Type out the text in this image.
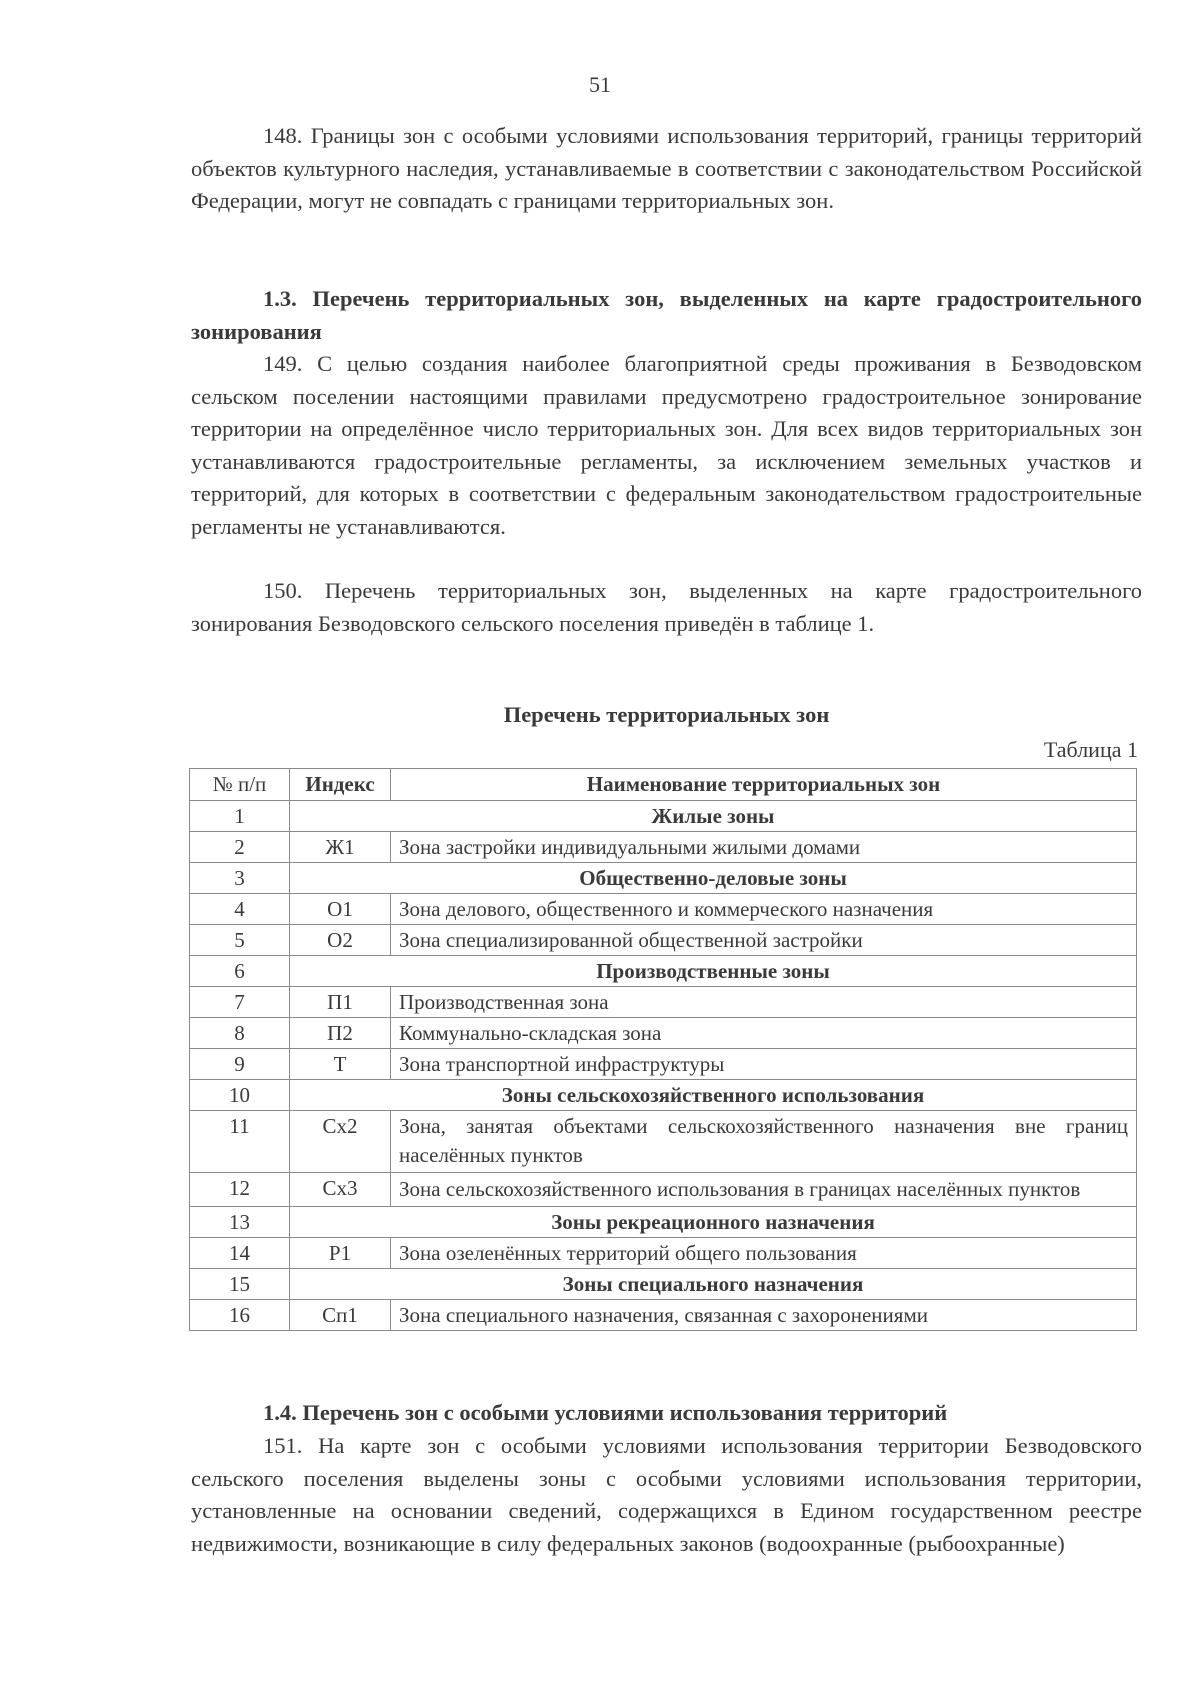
51

148. Границы зон с особыми условиями использования территорий, границы территорий объектов культурного наследия, устанавливаемые в соответствии с законодательством Российской Федерации, могут не совпадать с границами территориальных зон.

1.3. Перечень территориальных зон, выделенных на карте градостроительного зонирования

149. С целью создания наиболее благоприятной среды проживания в Безводовском сельском поселении настоящими правилами предусмотрено градостроительное зонирование территории на определённое число территориальных зон. Для всех видов территориальных зон устанавливаются градостроительные регламенты, за исключением земельных участков и территорий, для которых в соответствии с федеральным законодательством градостроительные регламенты не устанавливаются.

150. Перечень территориальных зон, выделенных на карте градостроительного зонирования Безводовского сельского поселения приведён в таблице 1.

Перечень территориальных зон
Таблица 1
№ п/п	Индекс	Наименование территориальных зон
1	Жилые зоны	
2	Ж1	Зона застройки индивидуальными жилыми домами
3	Общественно-деловые зоны	
4	О1	Зона делового, общественного и коммерческого назначения
5	О2	Зона специализированной общественной застройки
6	Производственные зоны	
7	П1	Производственная зона
8	П2	Коммунально-складская зона
9	Т	Зона транспортной инфраструктуры
10	Зоны сельскохозяйственного использования	
11	Сх2	Зона, занятая объектами сельскохозяйственного назначения вне границ населённых пунктов
12	Сх3	Зона сельскохозяйственного использования в границах населённых пунктов
13	Зоны рекреационного назначения	
14	Р1	Зона озеленённых территорий общего пользования
15	Зоны специального назначения	
16	Сп1	Зона специального назначения, связанная с захоронениями

1.4. Перечень зон с особыми условиями использования территорий

151. На карте зон с особыми условиями использования территории Безводовского сельского поселения выделены зоны с особыми условиями использования территории, установленные на основании сведений, содержащихся в Едином государственном реестре недвижимости, возникающие в силу федеральных законов (водоохранные (рыбоохранные)
